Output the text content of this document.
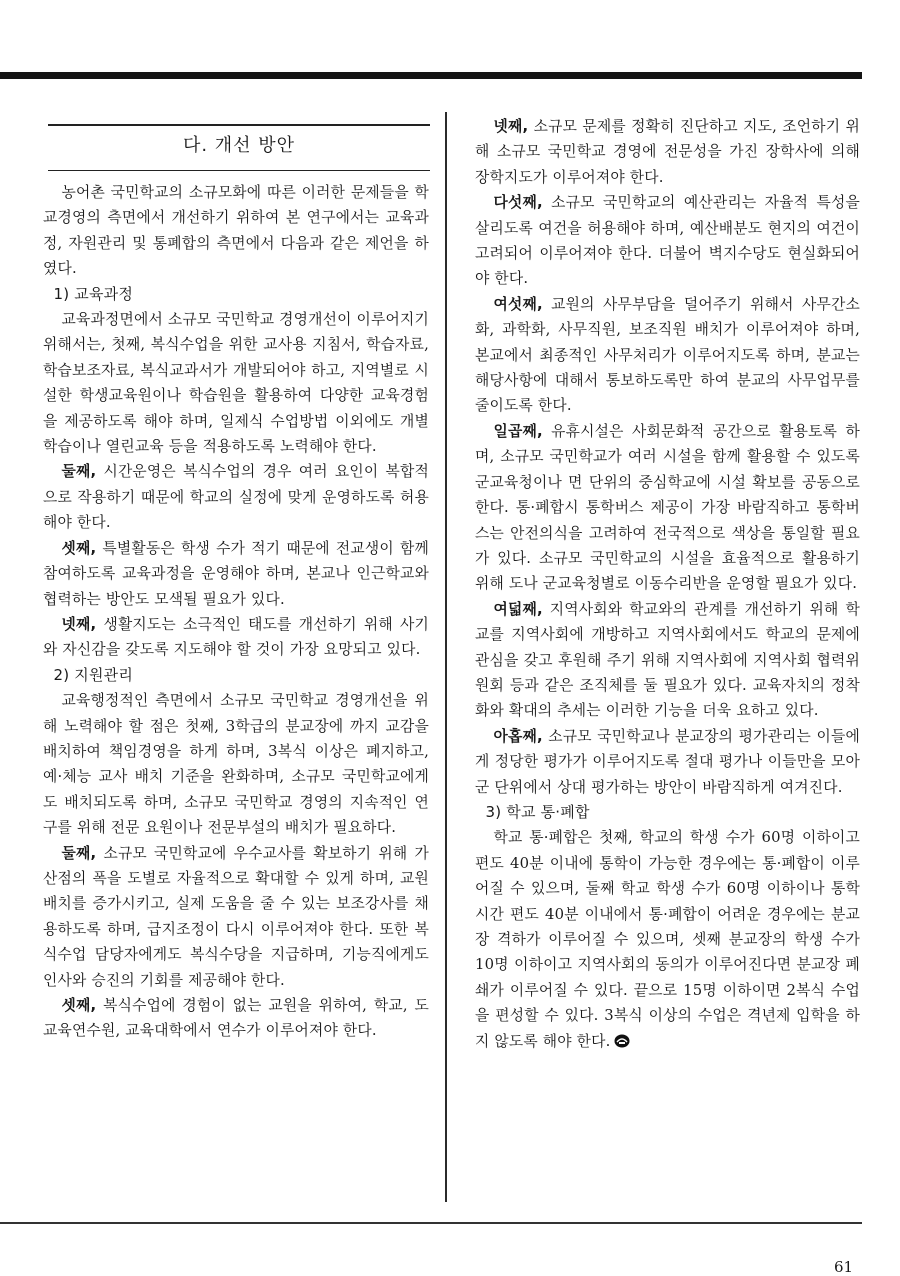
다. 개선 방안

농어촌 국민학교의 소규모화에 따른 이러한 문제들을 학교경영의 측면에서 개선하기 위하여 본 연구에서는 교육과정, 자원관리 및 통폐합의 측면에서 다음과 같은 제언을 하였다.

1) 교육과정

교육과정면에서 소규모 국민학교 경영개선이 이루어지기 위해서는, 첫째, 복식수업을 위한 교사용 지침서, 학습자료, 학습보조자료, 복식교과서가 개발되어야 하고, 지역별로 시설한 학생교육원이나 학습원을 활용하여 다양한 교육경험을 제공하도록 해야 하며, 일제식 수업방법 이외에도 개별학습이나 열린교육 등을 적용하도록 노력해야 한다.

둘째, 시간운영은 복식수업의 경우 여러 요인이 복합적으로 작용하기 때문에 학교의 실정에 맞게 운영하도록 허용해야 한다.

셋째, 특별활동은 학생 수가 적기 때문에 전교생이 함께 참여하도록 교육과정을 운영해야 하며, 본교나 인근학교와 협력하는 방안도 모색될 필요가 있다.

넷째, 생활지도는 소극적인 태도를 개선하기 위해 사기와 자신감을 갖도록 지도해야 할 것이 가장 요망되고 있다.

2) 지원관리

교육행정적인 측면에서 소규모 국민학교 경영개선을 위해 노력해야 할 점은 첫째, 3학급의 분교장에 까지 교감을 배치하여 책임경영을 하게 하며, 3복식 이상은 폐지하고, 예·체능 교사 배치 기준을 완화하며, 소규모 국민학교에게도 배치되도록 하며, 소규모 국민학교 경영의 지속적인 연구를 위해 전문 요원이나 전문부설의 배치가 필요하다.

둘째, 소규모 국민학교에 우수교사를 확보하기 위해 가산점의 폭을 도별로 자율적으로 확대할 수 있게 하며, 교원배치를 증가시키고, 실제 도움을 줄 수 있는 보조강사를 채용하도록 하며, 급지조정이 다시 이루어져야 한다. 또한 복식수업 담당자에게도 복식수당을 지급하며, 기능직에게도 인사와 승진의 기회를 제공해야 한다.

셋째, 복식수업에 경험이 없는 교원을 위하여, 학교, 도교육연수원, 교육대학에서 연수가 이루어져야 한다.

넷째, 소규모 문제를 정확히 진단하고 지도, 조언하기 위해 소규모 국민학교 경영에 전문성을 가진 장학사에 의해 장학지도가 이루어져야 한다.

다섯째, 소규모 국민학교의 예산관리는 자율적 특성을 살리도록 여건을 허용해야 하며, 예산배분도 현지의 여건이 고려되어 이루어져야 한다. 더불어 벽지수당도 현실화되어야 한다.

여섯째, 교원의 사무부담을 덜어주기 위해서 사무간소화, 과학화, 사무직원, 보조직원 배치가 이루어져야 하며, 본교에서 최종적인 사무처리가 이루어지도록 하며, 분교는 해당사항에 대해서 통보하도록만 하여 분교의 사무업무를 줄이도록 한다.

일곱째, 유휴시설은 사회문화적 공간으로 활용토록 하며, 소규모 국민학교가 여러 시설을 함께 활용할 수 있도록 군교육청이나 면 단위의 중심학교에 시설 확보를 공동으로 한다. 통·폐합시 통학버스 제공이 가장 바람직하고 통학버스는 안전의식을 고려하여 전국적으로 색상을 통일할 필요가 있다. 소규모 국민학교의 시설을 효율적으로 활용하기 위해 도나 군교육청별로 이동수리반을 운영할 필요가 있다.

여덟째, 지역사회와 학교와의 관계를 개선하기 위해 학교를 지역사회에 개방하고 지역사회에서도 학교의 문제에 관심을 갖고 후원해 주기 위해 지역사회에 지역사회 협력위원회 등과 같은 조직체를 둘 필요가 있다. 교육자치의 정착화와 확대의 추세는 이러한 기능을 더욱 요하고 있다.

아홉째, 소규모 국민학교나 분교장의 평가관리는 이들에게 정당한 평가가 이루어지도록 절대 평가나 이들만을 모아 군 단위에서 상대 평가하는 방안이 바람직하게 여겨진다.

3) 학교 통·폐합

학교 통·폐합은 첫째, 학교의 학생 수가 60명 이하이고 편도 40분 이내에 통학이 가능한 경우에는 통·폐합이 이루어질 수 있으며, 둘째 학교 학생 수가 60명 이하이나 통학시간 편도 40분 이내에서 통·폐합이 어려운 경우에는 분교장 격하가 이루어질 수 있으며, 셋째 분교장의 학생 수가 10명 이하이고 지역사회의 동의가 이루어진다면 분교장 폐쇄가 이루어질 수 있다. 끝으로 15명 이하이면 2복식 수업을 편성할 수 있다. 3복식 이상의 수업은 격년제 입학을 하지 않도록 해야 한다.

61
